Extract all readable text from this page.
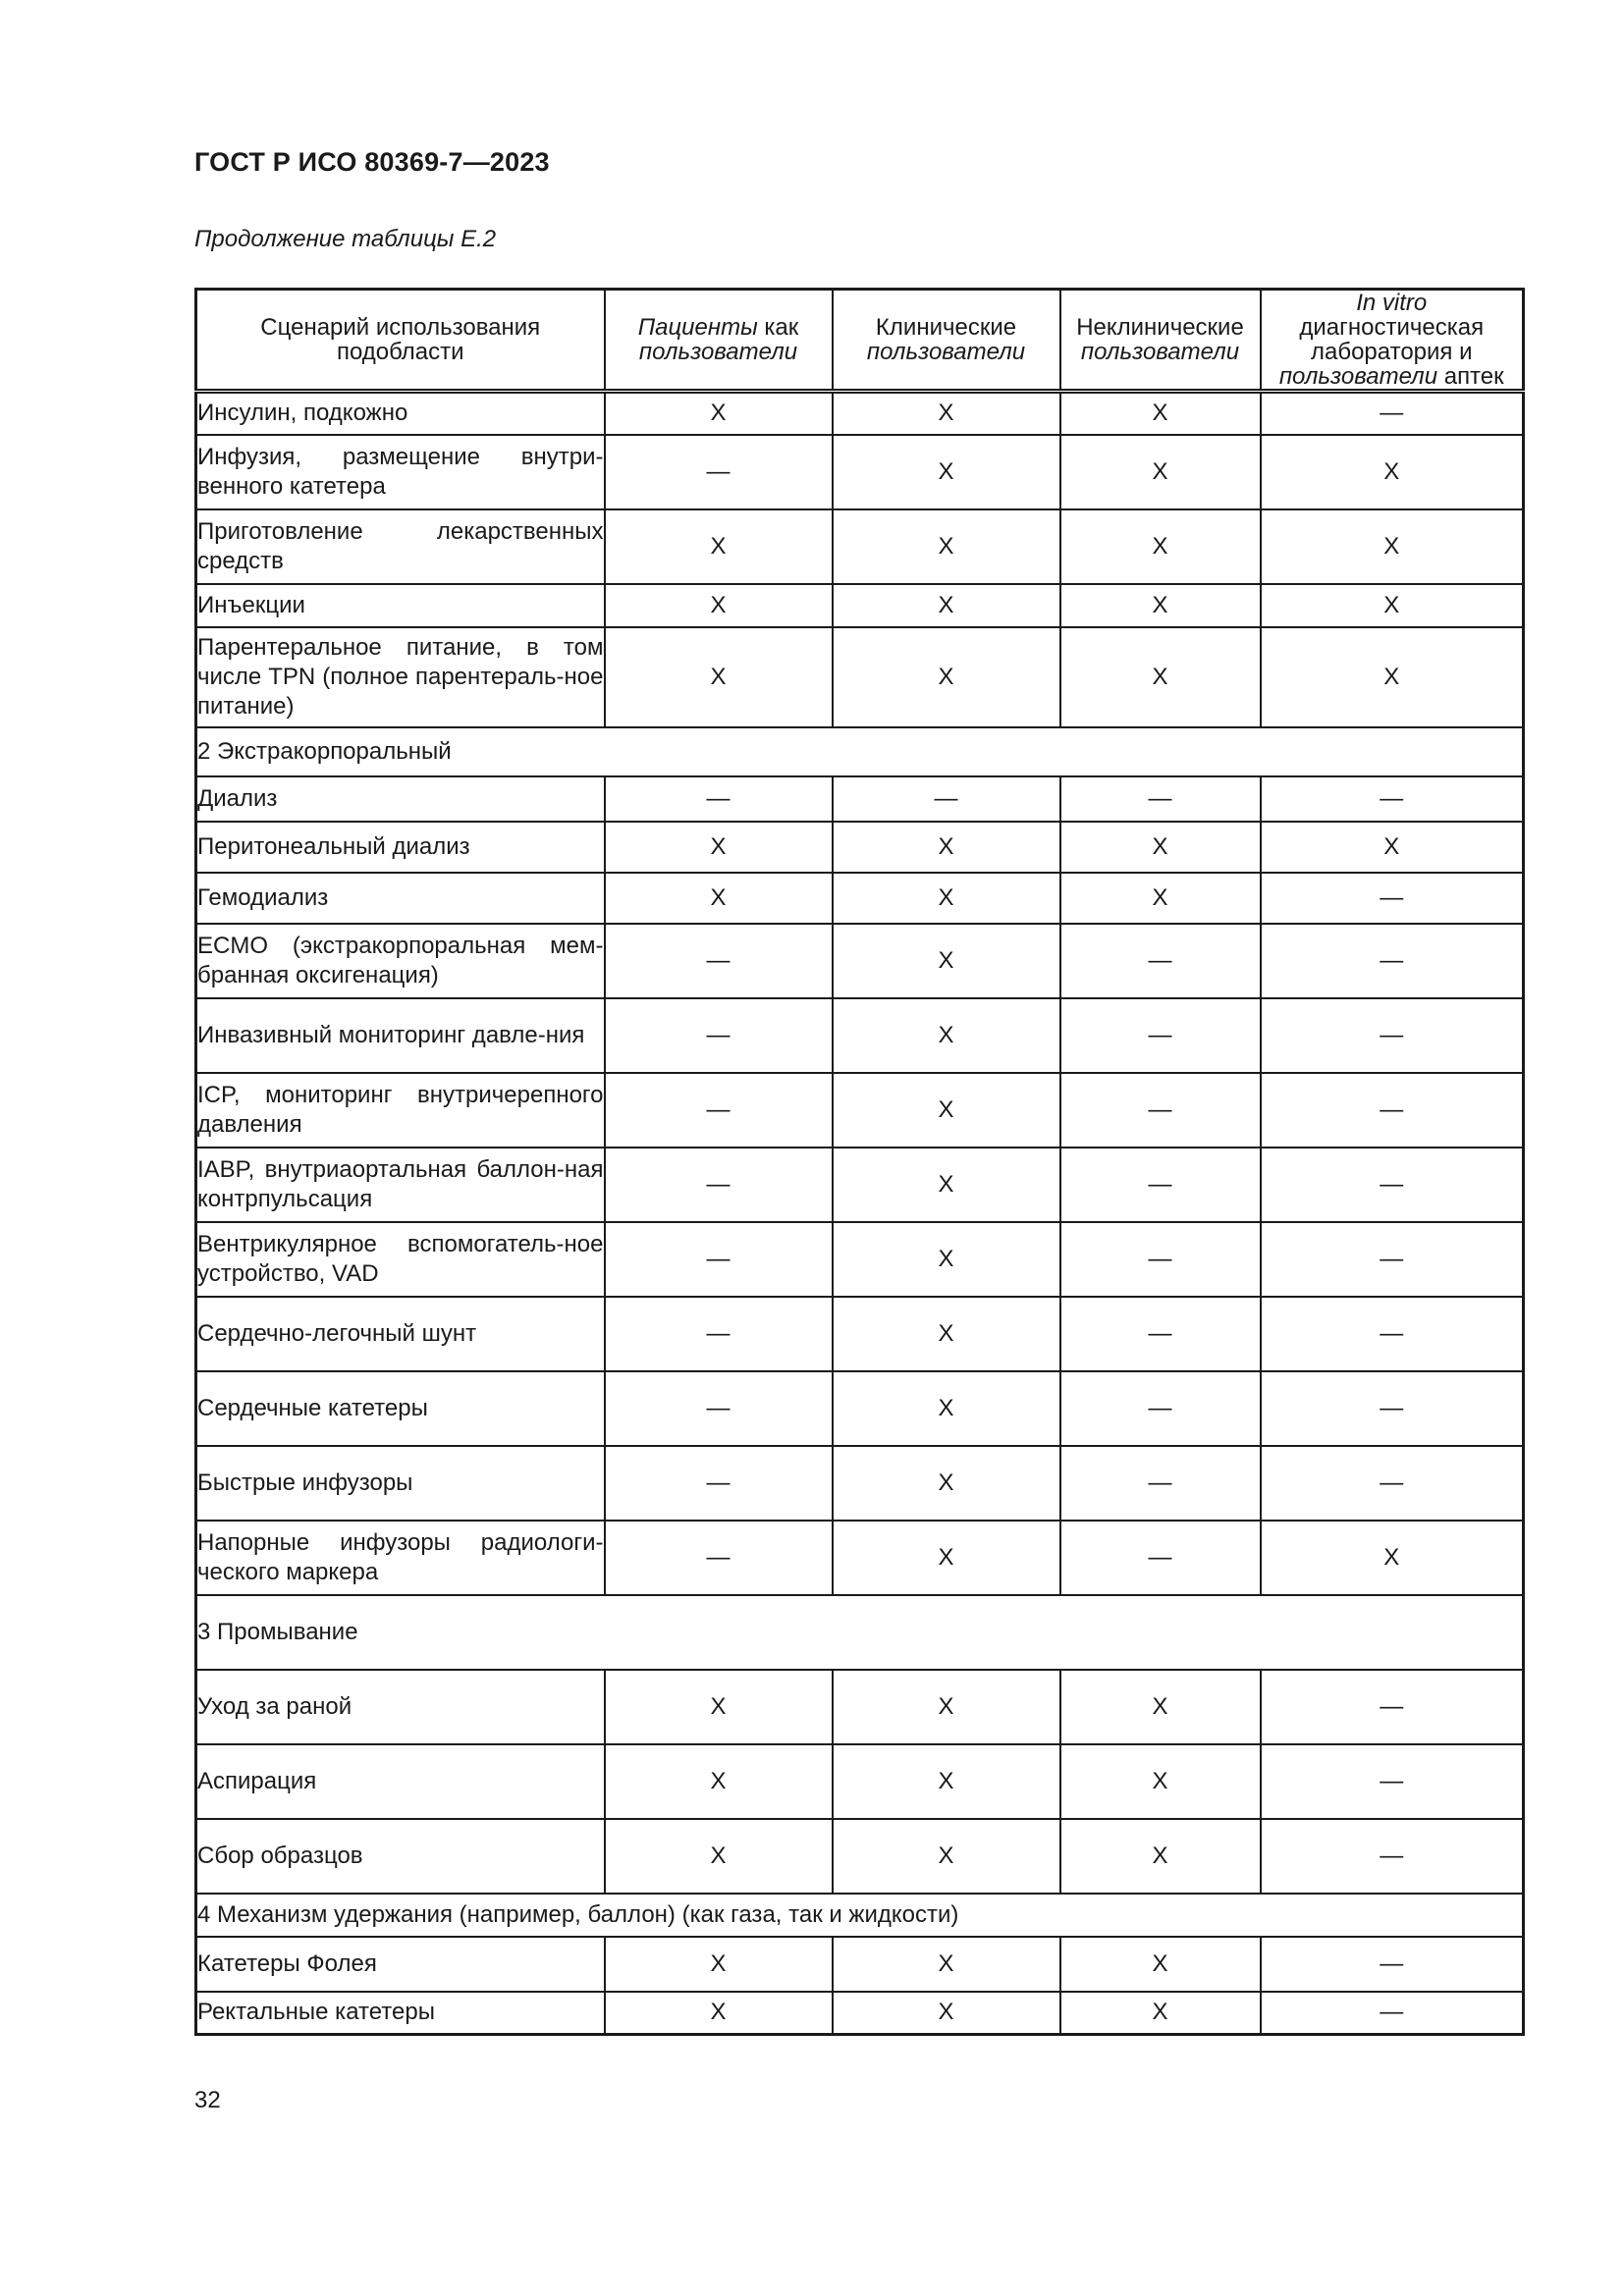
ГОСТ Р ИСО 80369-7—2023
Продолжение таблицы Е.2
Сценарий использования подобласти	Пациенты как пользователи	Клинические пользователи	Неклинические пользователи	In vitro диагностическая лаборатория и пользователи аптек
Инсулин, подкожно	X	X	X	—
Инфузия, размещение внутри-венного катетера	—	X	X	X
Приготовление лекарственных средств	X	X	X	X
Инъекции	X	X	X	X
Парентеральное питание, в том числе TPN (полное парентераль-ное питание)	X	X	X	X
2 Экстракорпоральный				
Диализ	—	—	—	—
Перитонеальный диализ	X	X	X	X
Гемодиализ	X	X	X	—
ECMO (экстракорпоральная мем-бранная оксигенация)	—	X	—	—
Инвазивный мониторинг давле-ния	—	X	—	—
ICP, мониторинг внутричерепного давления	—	X	—	—
IABP, внутриаортальная баллон-ная контрпульсация	—	X	—	—
Вентрикулярное вспомогатель-ное устройство, VAD	—	X	—	—
Сердечно-легочный шунт	—	X	—	—
Сердечные катетеры	—	X	—	—
Быстрые инфузоры	—	X	—	—
Напорные инфузоры радиологи-ческого маркера	—	X	—	X
3 Промывание				
Уход за раной	X	X	X	—
Аспирация	X	X	X	—
Сбор образцов	X	X	X	—
4 Механизм удержания (например, баллон) (как газа, так и жидкости)				
Катетеры Фолея	X	X	X	—
Ректальные катетеры	X	X	X	—
32
